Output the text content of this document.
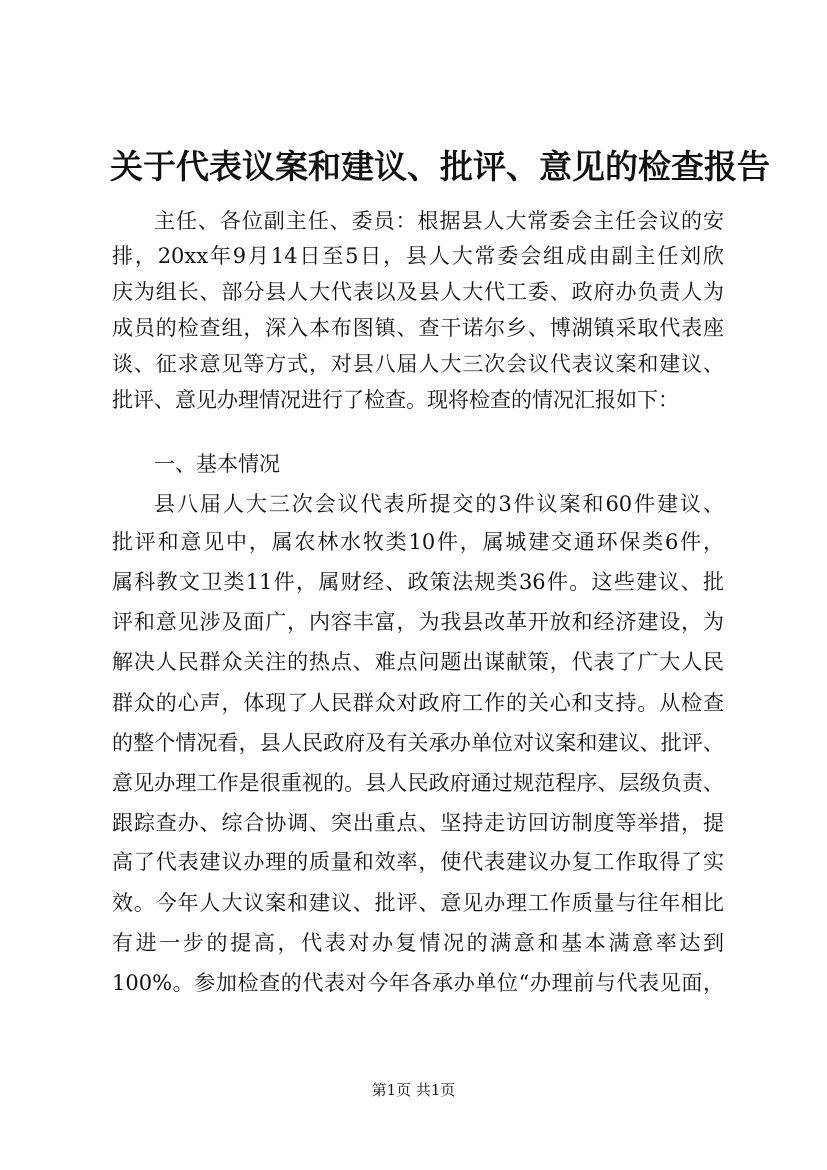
关于代表议案和建议、批评、意见的检查报告

主任、各位副主任、委员：根据县人大常委会主任会议的安

排，20xx年9月14日至5日，县人大常委会组成由副主任刘欣

庆为组长、部分县人大代表以及县人大代工委、政府办负责人为

成员的检查组，深入本布图镇、查干诺尔乡、博湖镇采取代表座

谈、征求意见等方式，对县八届人大三次会议代表议案和建议、

批评、意见办理情况进行了检查。现将检查的情况汇报如下：

一、基本情况

县八届人大三次会议代表所提交的3件议案和60件建议、

批评和意见中，属农林水牧类10件，属城建交通环保类6件，

属科教文卫类11件，属财经、政策法规类36件。这些建议、批

评和意见涉及面广，内容丰富，为我县改革开放和经济建设，为

解决人民群众关注的热点、难点问题出谋献策，代表了广大人民

群众的心声，体现了人民群众对政府工作的关心和支持。从检查

的整个情况看，县人民政府及有关承办单位对议案和建议、批评、

意见办理工作是很重视的。县人民政府通过规范程序、层级负责、

跟踪查办、综合协调、突出重点、坚持走访回访制度等举措，提

高了代表建议办理的质量和效率，使代表建议办复工作取得了实

效。今年人大议案和建议、批评、意见办理工作质量与往年相比

有进一步的提高，代表对办复情况的满意和基本满意率达到

100%。参加检查的代表对今年各承办单位“办理前与代表见面，

第1页 共1页
